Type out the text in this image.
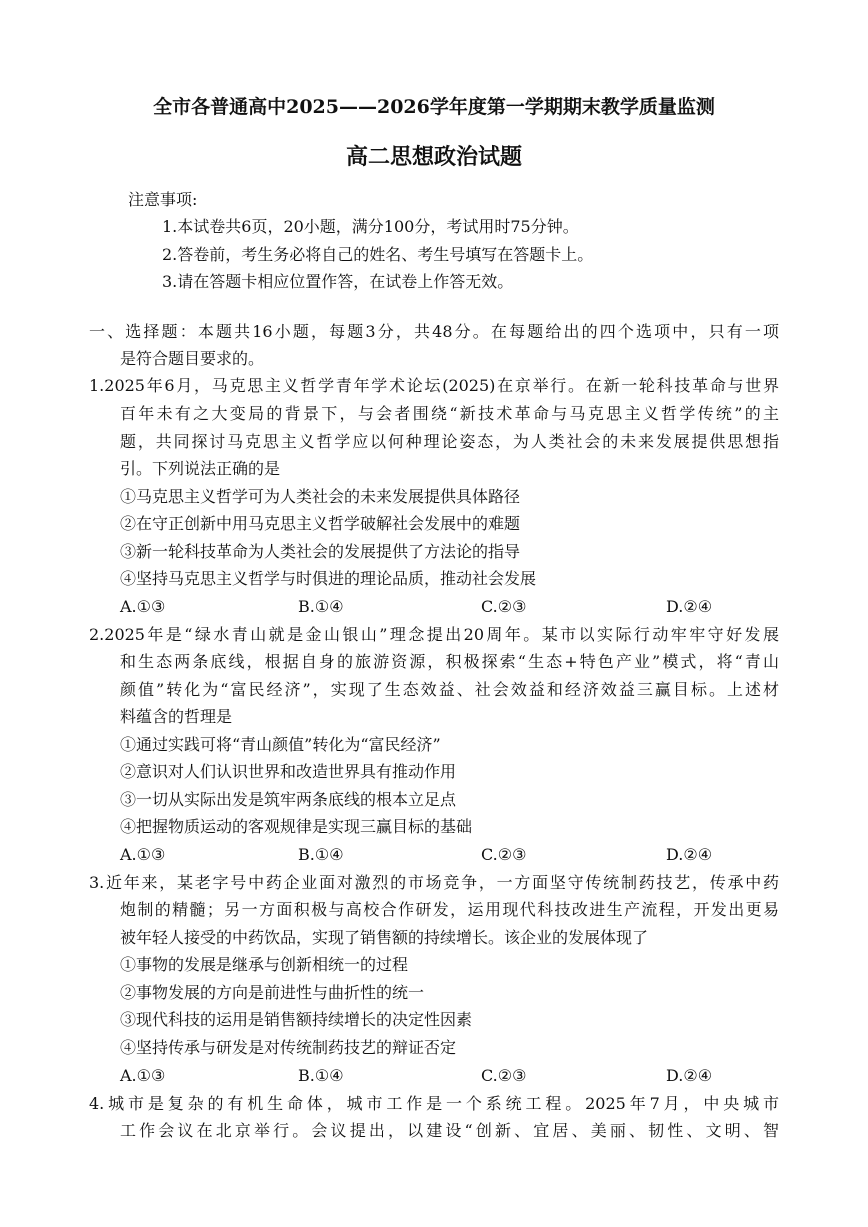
全市各普通高中2025——2026学年度第一学期期末教学质量监测
高二思想政治试题
注意事项:
1.本试卷共6页，20小题，满分100分，考试用时75分钟。
2.答卷前，考生务必将自己的姓名、考生号填写在答题卡上。
3.请在答题卡相应位置作答，在试卷上作答无效。
一、选择题：本题共16小题，每题3分，共48分。在每题给出的四个选项中，只有一项
是符合题目要求的。
1.2025年6月，马克思主义哲学青年学术论坛(2025)在京举行。在新一轮科技革命与世界
百年未有之大变局的背景下，与会者围绕“新技术革命与马克思主义哲学传统”的主
题，共同探讨马克思主义哲学应以何种理论姿态，为人类社会的未来发展提供思想指
引。下列说法正确的是
①马克思主义哲学可为人类社会的未来发展提供具体路径
②在守正创新中用马克思主义哲学破解社会发展中的难题
③新一轮科技革命为人类社会的发展提供了方法论的指导
④坚持马克思主义哲学与时俱进的理论品质，推动社会发展
A.①③	B.①④	C.②③	D.②④
2.2025年是“绿水青山就是金山银山”理念提出20周年。某市以实际行动牢牢守好发展
和生态两条底线，根据自身的旅游资源，积极探索“生态+特色产业”模式，将“青山
颜值”转化为“富民经济”，实现了生态效益、社会效益和经济效益三赢目标。上述材
料蕴含的哲理是
①通过实践可将“青山颜值”转化为“富民经济”
②意识对人们认识世界和改造世界具有推动作用
③一切从实际出发是筑牢两条底线的根本立足点
④把握物质运动的客观规律是实现三赢目标的基础
A.①③	B.①④	C.②③	D.②④
3.近年来，某老字号中药企业面对激烈的市场竞争，一方面坚守传统制药技艺，传承中药
炮制的精髓；另一方面积极与高校合作研发，运用现代科技改进生产流程，开发出更易
被年轻人接受的中药饮品，实现了销售额的持续增长。该企业的发展体现了
①事物的发展是继承与创新相统一的过程
②事物发展的方向是前进性与曲折性的统一
③现代科技的运用是销售额持续增长的决定性因素
④坚持传承与研发是对传统制药技艺的辩证否定
A.①③	B.①④	C.②③	D.②④
4.城市是复杂的有机生命体，城市工作是一个系统工程。2025年7月，中央城市
工作会议在北京举行。会议提出，以建设“创新、宜居、美丽、韧性、文明、智
